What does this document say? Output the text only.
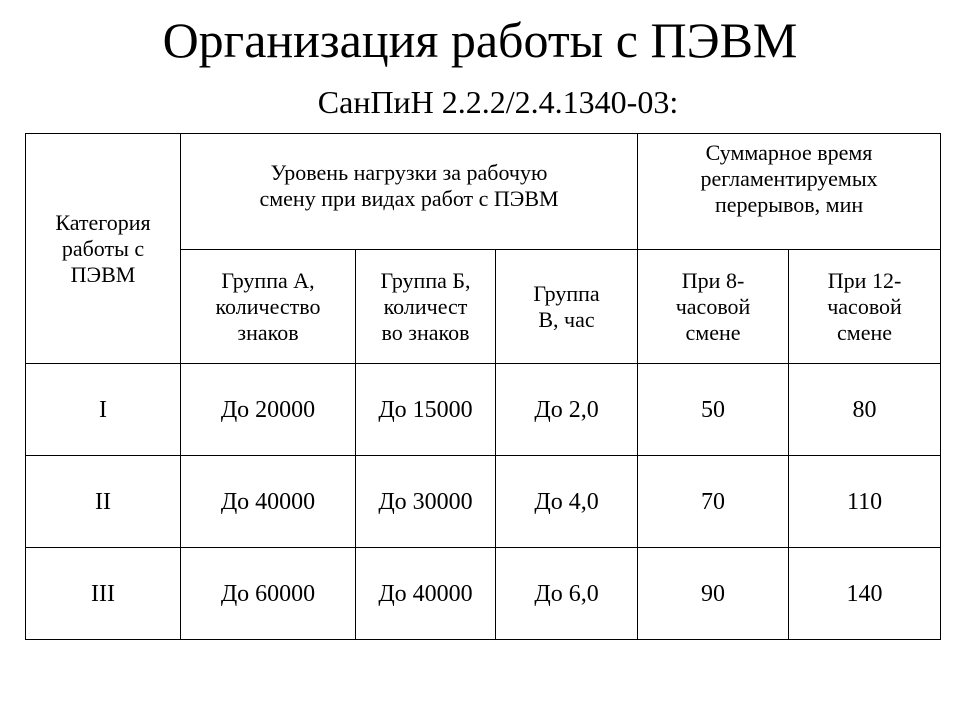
Организация работы с ПЭВМ
СанПиН 2.2.2/2.4.1340-03:
Категория
работы с
ПЭВМ	Уровень нагрузки за рабочую
смену при видах работ с ПЭВМ			Суммарное время
регламентируемых
перерывов, мин	
	Группа А,
количество
знаков	Группа Б,
количест
во знаков	Группа
В, час	При 8-
часовой
смене	При 12-
часовой
смене
I	До 20000	До 15000	До 2,0	50	80
II	До 40000	До 30000	До 4,0	70	110
III	До 60000	До 40000	До 6,0	90	140
